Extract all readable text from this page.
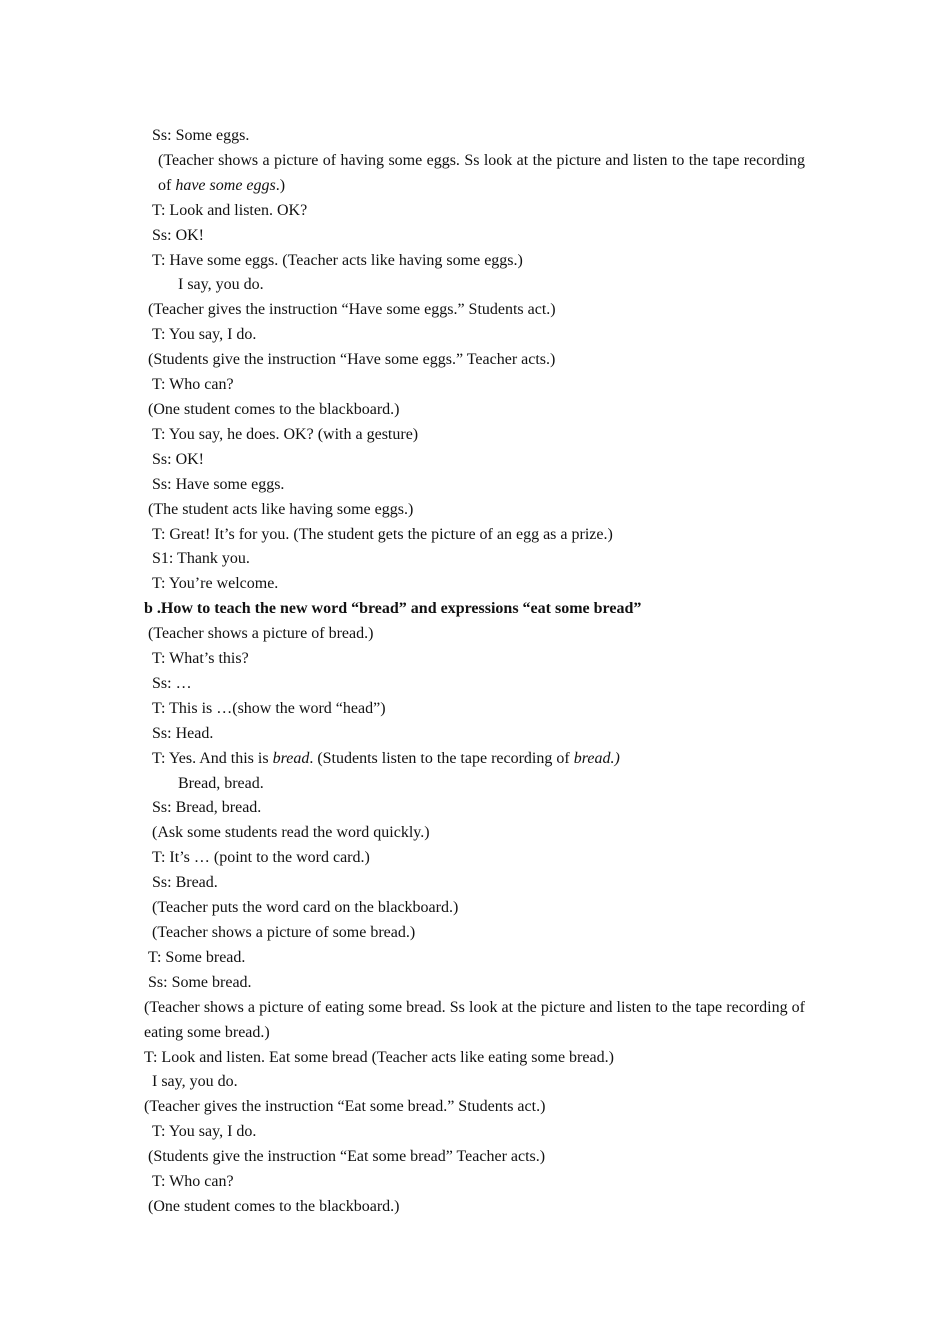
Ss: Some eggs.
(Teacher shows a picture of having some eggs. Ss look at the picture and listen to the tape recording of have some eggs.)
T: Look and listen. OK?
Ss: OK!
T: Have some eggs. (Teacher acts like having some eggs.)
I say, you do.
(Teacher gives the instruction “Have some eggs.” Students act.)
T: You say, I do.
(Students give the instruction “Have some eggs.” Teacher acts.)
T: Who can?
(One student comes to the blackboard.)
T: You say, he does. OK? (with a gesture)
Ss: OK!
Ss: Have some eggs.
(The student acts like having some eggs.)
T: Great! It’s for you. (The student gets the picture of an egg as a prize.)
S1: Thank you.
T: You’re welcome.
b .How to teach the new word “bread” and expressions “eat some bread”
(Teacher shows a picture of bread.)
T: What’s this?
Ss: …
T: This is …(show the word “head”)
Ss: Head.
T: Yes. And this is bread. (Students listen to the tape recording of bread.)
Bread, bread.
Ss: Bread, bread.
(Ask some students read the word quickly.)
T: It’s … (point to the word card.)
Ss: Bread.
(Teacher puts the word card on the blackboard.)
(Teacher shows a picture of some bread.)
T: Some bread.
Ss: Some bread.
(Teacher shows a picture of eating some bread. Ss look at the picture and listen to the tape recording of eating some bread.)
T: Look and listen. Eat some bread (Teacher acts like eating some bread.)
I say, you do.
(Teacher gives the instruction “Eat some bread.” Students act.)
T: You say, I do.
(Students give the instruction “Eat some bread” Teacher acts.)
T: Who can?
(One student comes to the blackboard.)
